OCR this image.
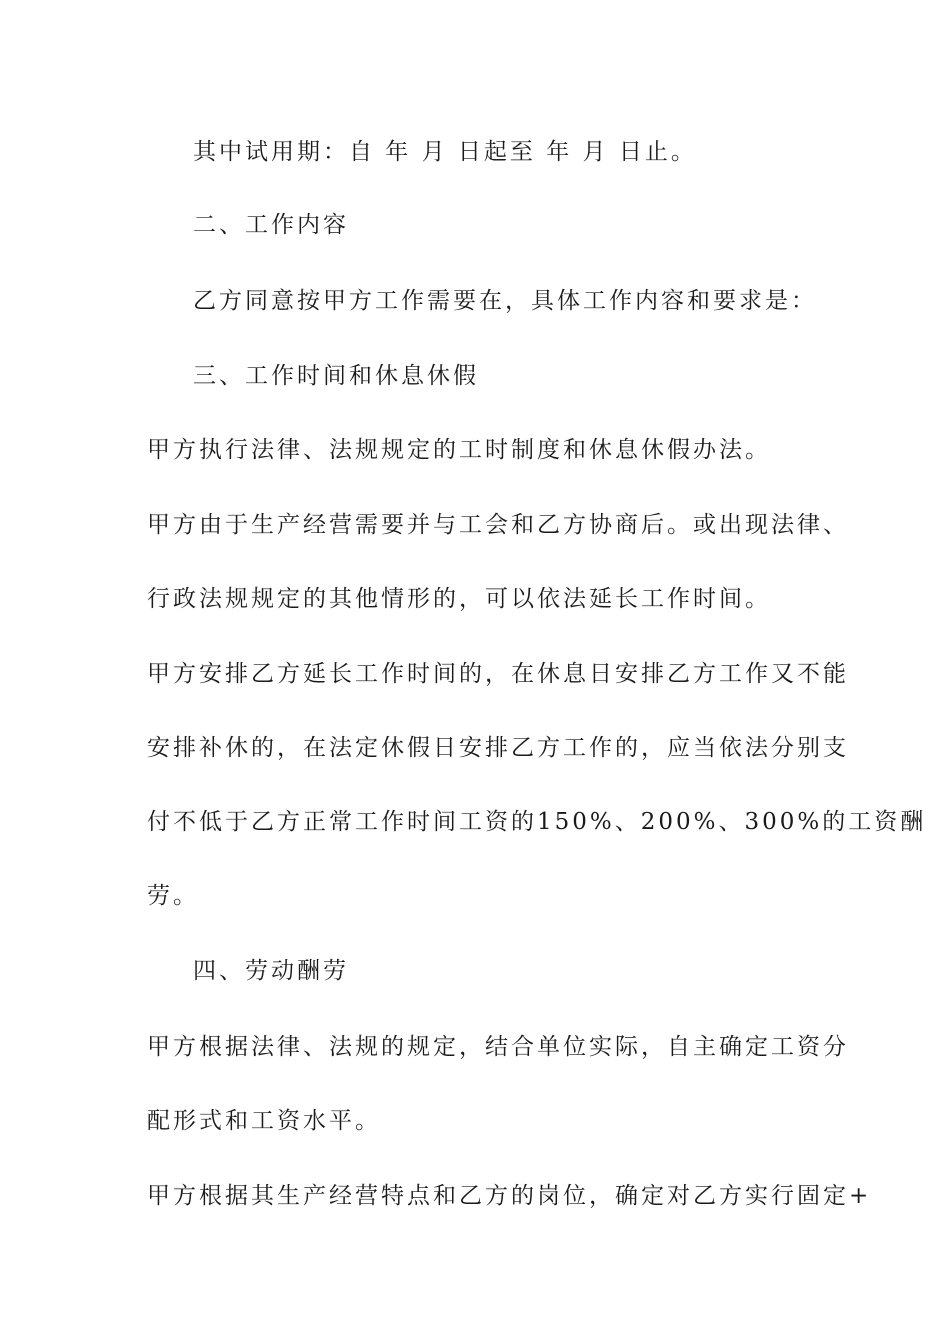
其中试用期：自 年 月 日起至 年 月 日止。

二、工作内容

乙方同意按甲方工作需要在，具体工作内容和要求是：

三、工作时间和休息休假

甲方执行法律、法规规定的工时制度和休息休假办法。

甲方由于生产经营需要并与工会和乙方协商后。或出现法律、

行政法规规定的其他情形的，可以依法延长工作时间。

甲方安排乙方延长工作时间的，在休息日安排乙方工作又不能

安排补休的，在法定休假日安排乙方工作的，应当依法分别支

付不低于乙方正常工作时间工资的150%、200%、300%的工资酬

劳。

四、劳动酬劳

甲方根据法律、法规的规定，结合单位实际，自主确定工资分

配形式和工资水平。

甲方根据其生产经营特点和乙方的岗位，确定对乙方实行固定+
